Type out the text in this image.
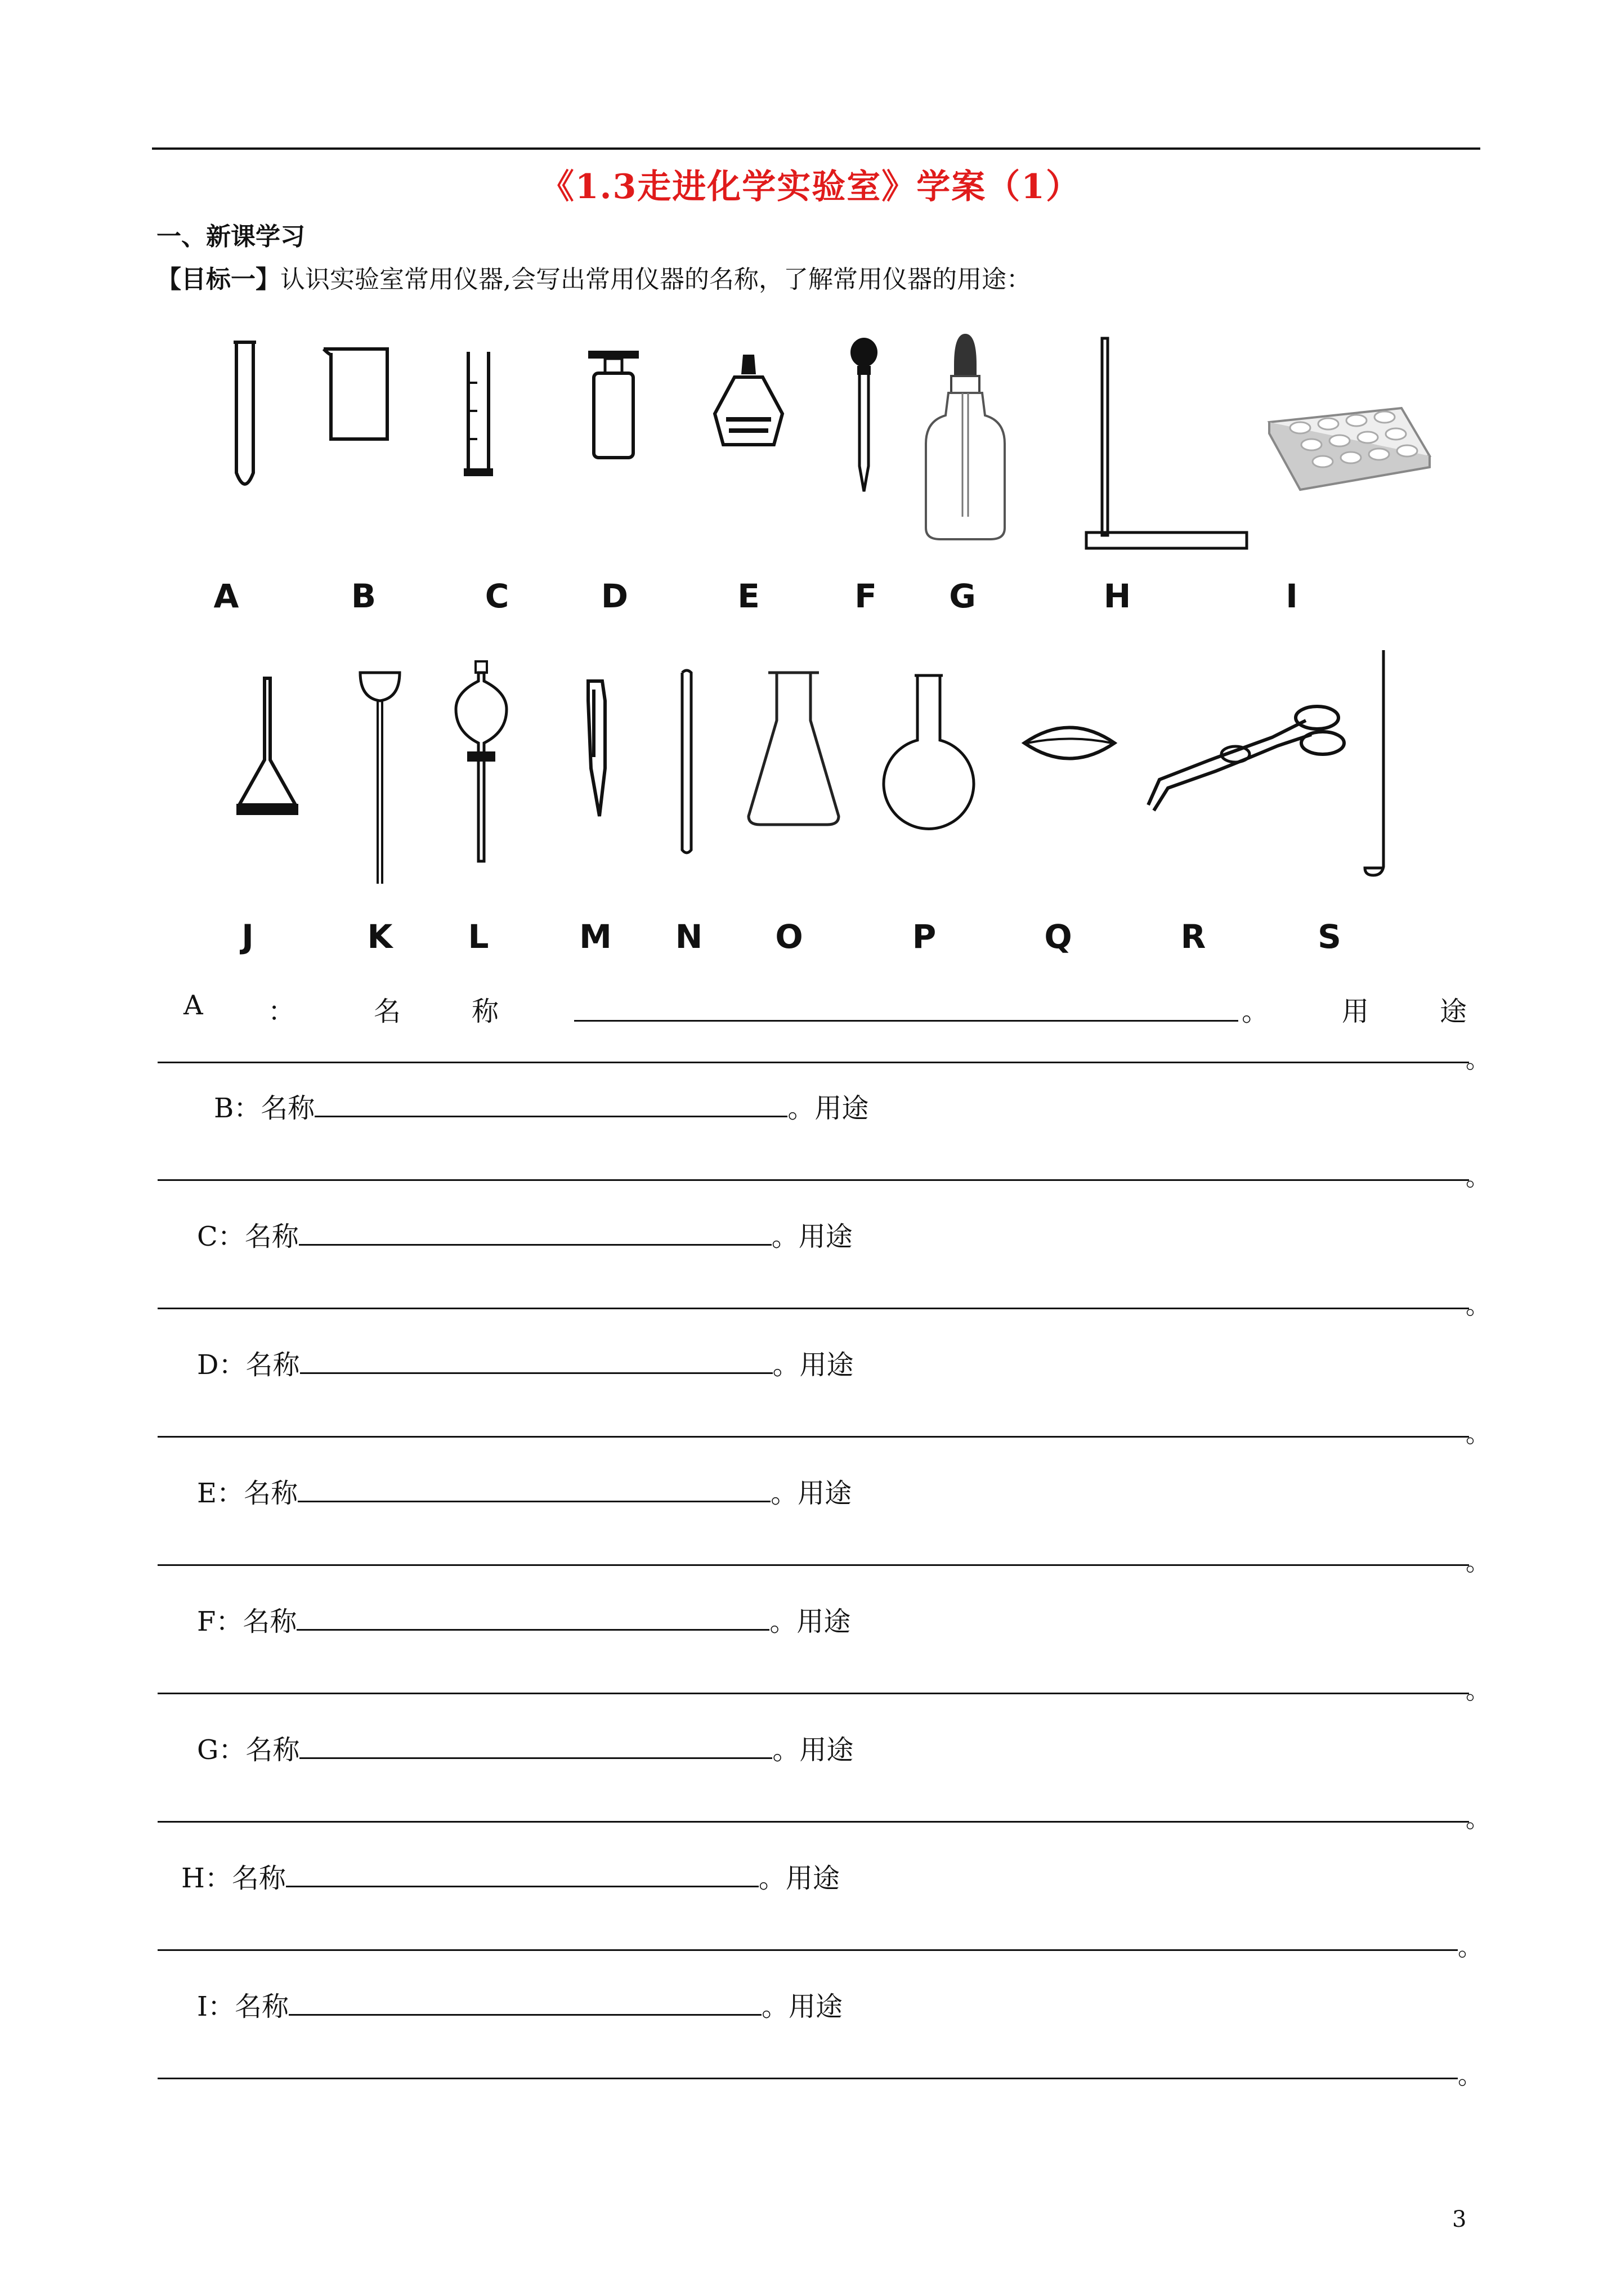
《1.3走进化学实验室》学案（1）
一、新课学习
【目标一】认识实验室常用仪器,会写出常用仪器的名称，了解常用仪器的用途：
A	B	C	D	E	F G	H	I
J	K L	M N O	P	Q	R	S
A ：	名称	。	用途
。
B：名称	。用途
。
C：名称	。用途
。
D：名称	。用途
。
E：名称	。用途
。
F：名称	。用途
。
G：名称	。用途
。
H：名称	。用途
。
I：名称	。用途
。
3
